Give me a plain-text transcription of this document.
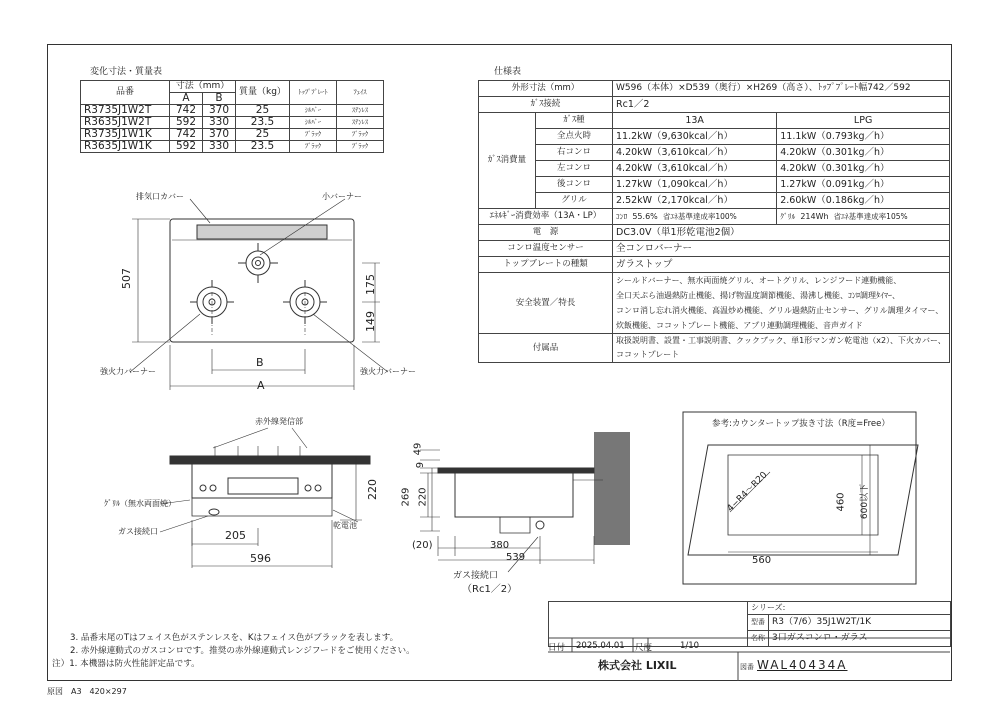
変化寸法・質量表
品番	寸法（mm）		質量（kg）	ﾄｯﾌﾟﾌﾟﾚｰﾄ	ﾌｪｲｽ
	A	B			
R3735J1W2T	742	370	25	ｼﾙﾊﾞｰ	ｽﾃﾝﾚｽ
R3635J1W2T	592	330	23.5	ｼﾙﾊﾞｰ	ｽﾃﾝﾚｽ
R3735J1W1K	742	370	25	ﾌﾞﾗｯｸ	ﾌﾞﾗｯｸ
R3635J1W1K	592	330	23.5	ﾌﾞﾗｯｸ	ﾌﾞﾗｯｸ
仕様表
外形寸法（mm）		W596（本体）×D539（奥行）×H269（高さ）、ﾄｯﾌﾟﾌﾟﾚｰﾄ幅742／592	
ｶﾞｽ接続		Rc1／2	
ｶﾞｽ消費量	ｶﾞｽ種	13A	LPG
	全点火時	11.2kW（9,630kcal／h）	11.1kW（0.793kg／h）
	右コンロ	4.20kW（3,610kcal／h）	4.20kW（0.301kg／h）
	左コンロ	4.20kW（3,610kcal／h）	4.20kW（0.301kg／h）
	後コンロ	1.27kW（1,090kcal／h）	1.27kW（0.091kg／h）
	グリル	2.52kW（2,170kcal／h）	2.60kW（0.186kg／h）
ｴﾈﾙｷﾞｰ消費効率（13A・LP）		ｺﾝﾛ 55.6% 省ｴﾈ基準達成率100%	ｸﾞﾘﾙ 214Wh 省ｴﾈ基準達成率105%
電　源		DC3.0V（単1形乾電池2個）	
コンロ温度センサー		全コンロバーナー	
トップブレートの種類		ガラストップ	
安全装置／特長		シールドバーナー、無水両面焼グリル、オートグリル、レンジフード連動機能、
全口天ぷら油過熱防止機能、揚げ物温度調節機能、湯沸し機能、ｺﾝﾛ調理ﾀｲﾏｰ、
コンロ消し忘れ消火機能、高温炒め機能、グリル過熱防止センサー、グリル調理タイマー、
炊飯機能、ココットプレート機能、アプリ連動調理機能、音声ガイド	

付属品		取扱説明書、設置・工事説明書、クックブック、単1形マンガン乾電池（x2）、下火カバー、
ココットプレート	
排気口カバー	小バーナー
強火力バーナー	強火力バーナー
507	175
149
B
A
赤外線発信部
ｸﾞﾘﾙ（無水両面焼）
ガス接続口
乾電池
220
205
596
49
9
269 220
(20)	380
539
ガス接続口
（Rc1／2）
参考:カウンタートップ抜き寸法（R度=Free）
4−R4〜R20	460 600以下
560
3. 品番末尾のTはフェイス色がステンレスを、Kはフェイス色がブラックを表します。
2. 赤外線連動式のガスコンロです。推奨の赤外線連動式レンジフードをご使用ください。
注）1. 本機器は防火性能評定品です。
原図　A3　420×297
	シリーズ:	
	型番	R3（7/6）35J1W2T/1K
	名称	3口ガスコンロ・ガラス
日付 2025.04.01 尺度	1/10
株式会社 LIXIL	図番 WAL40434A
